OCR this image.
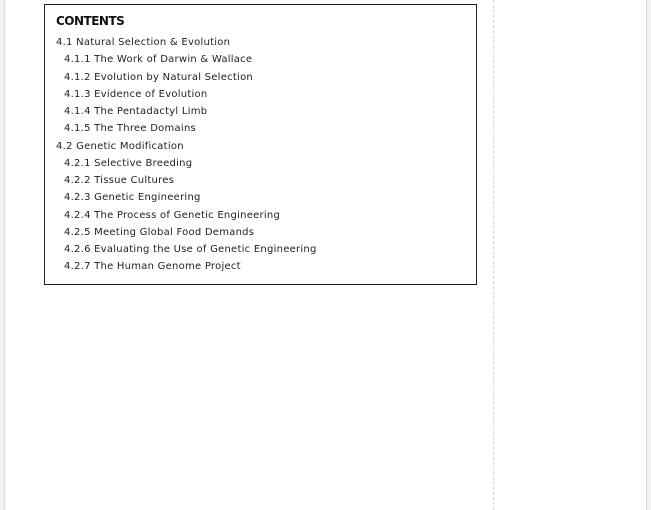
CONTENTS
4.1 Natural Selection & Evolution
4.1.1 The Work of Darwin & Wallace
4.1.2 Evolution by Natural Selection
4.1.3 Evidence of Evolution
4.1.4 The Pentadactyl Limb
4.1.5 The Three Domains
4.2 Genetic Modification
4.2.1 Selective Breeding
4.2.2 Tissue Cultures
4.2.3 Genetic Engineering
4.2.4 The Process of Genetic Engineering
4.2.5 Meeting Global Food Demands
4.2.6 Evaluating the Use of Genetic Engineering
4.2.7 The Human Genome Project
